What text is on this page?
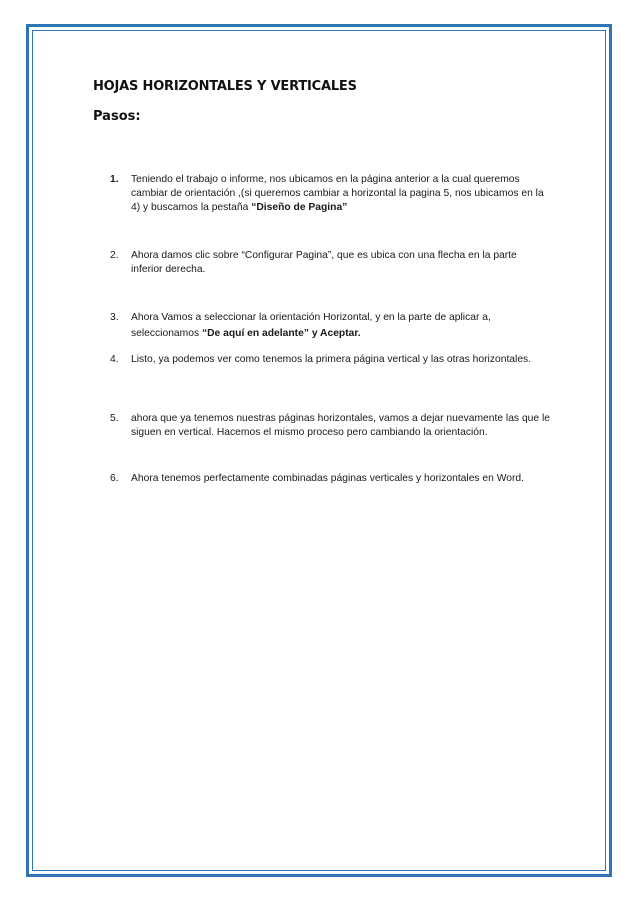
HOJAS HORIZONTALES Y VERTICALES
Pasos:
1. Teniendo el trabajo o informe, nos ubicamos en la página anterior a la cual queremos cambiar de orientación ,(si queremos cambiar a horizontal la pagina 5, nos ubicamos en la 4) y buscamos la pestaña “Diseño de Pagina”
2. Ahora damos clic sobre “Configurar Pagina”, que es ubica con una flecha en la parte inferior derecha.
3. Ahora Vamos a seleccionar la orientación Horizontal, y en la parte de aplicar a, seleccionamos “De aquí en adelante” y Aceptar.
4. Listo, ya podemos ver como tenemos la primera página vertical y las otras horizontales.
5. ahora que ya tenemos nuestras páginas horizontales, vamos a dejar nuevamente las que le siguen en vertical. Hacemos el mismo proceso pero cambiando la orientación.
6. Ahora tenemos perfectamente combinadas páginas verticales y horizontales en Word.
